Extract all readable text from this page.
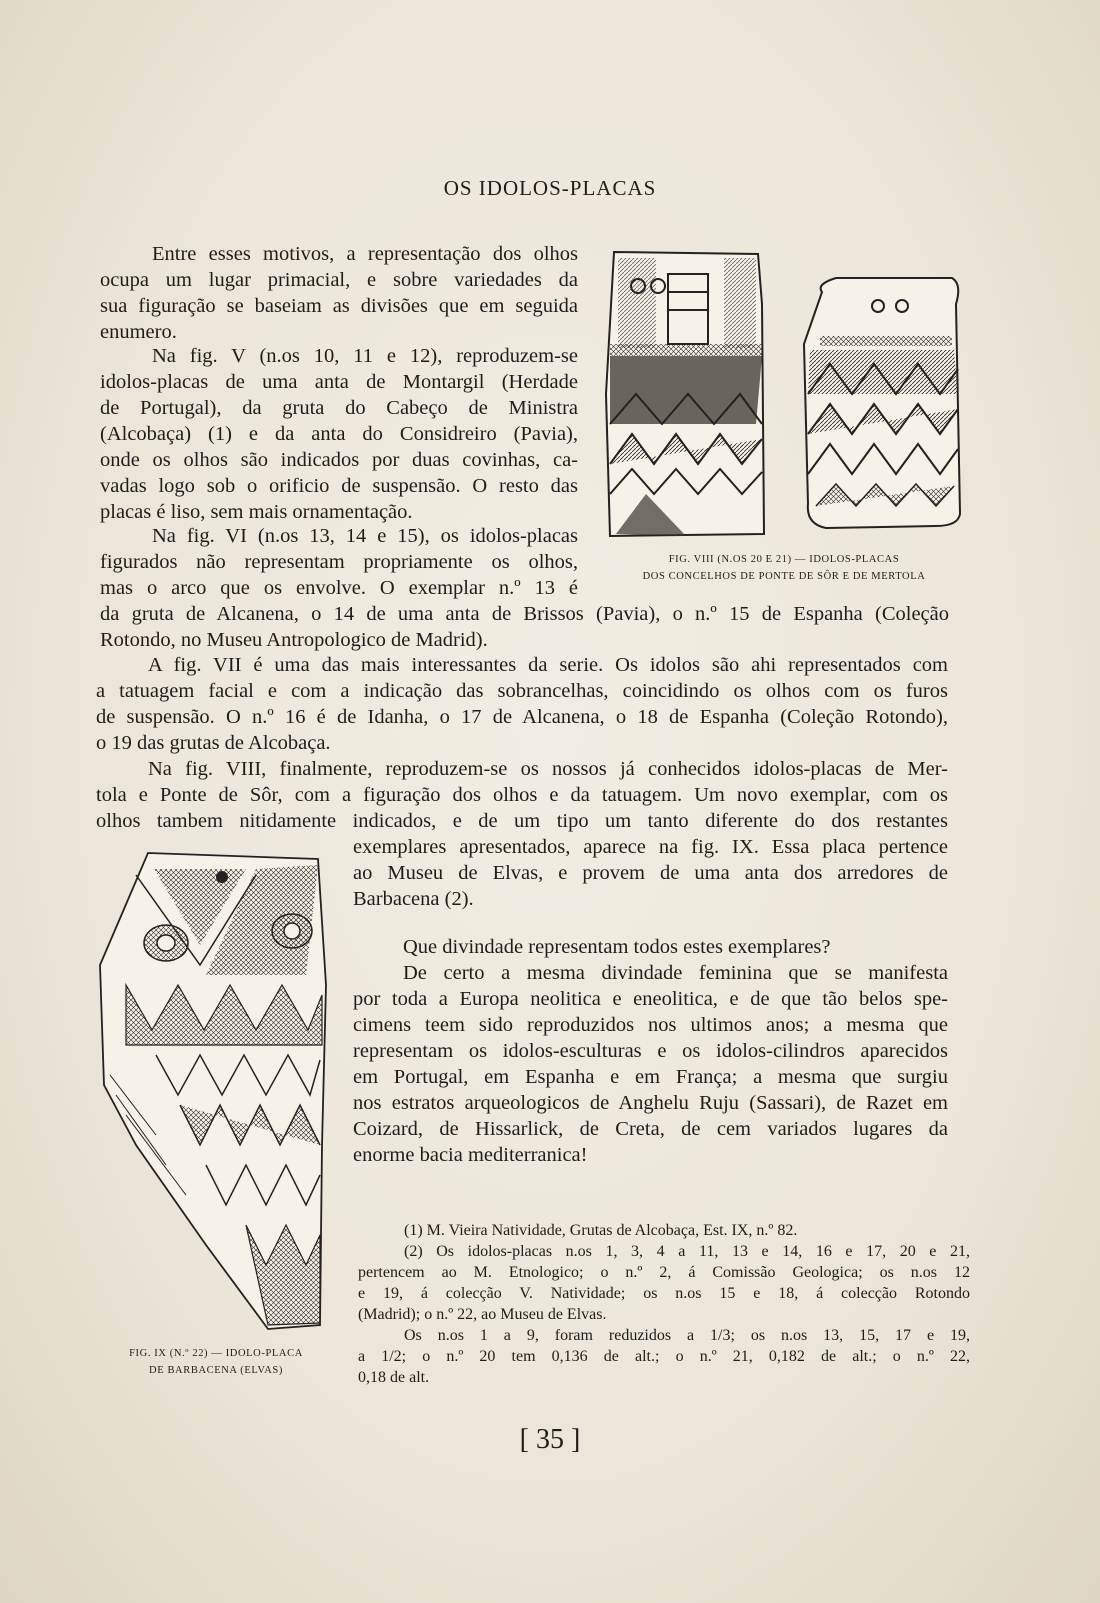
OS IDOLOS-PLACAS
Entre esses motivos, a representação dos olhos
ocupa um lugar primacial, e sobre variedades da
sua figuração se baseiam as divisões que em seguida
enumero.
Na fig. V (n.os 10, 11 e 12), reproduzem-se
idolos-placas de uma anta de Montargil (Herdade
de Portugal), da gruta do Cabeço de Ministra
(Alcobaça) (1) e da anta do Considreiro (Pavia),
onde os olhos são indicados por duas covinhas, ca-
vadas logo sob o orificio de suspensão. O resto das
placas é liso, sem mais ornamentação.
Na fig. VI (n.os 13, 14 e 15), os idolos-placas
figurados não representam propriamente os olhos,
mas o arco que os envolve. O exemplar n.º 13 é
da gruta de Alcanena, o 14 de uma anta de Brissos (Pavia), o n.º 15 de Espanha (Coleção
Rotondo, no Museu Antropologico de Madrid).
A fig. VII é uma das mais interessantes da serie. Os idolos são ahi representados com
a tatuagem facial e com a indicação das sobrancelhas, coincidindo os olhos com os furos
de suspensão. O n.º 16 é de Idanha, o 17 de Alcanena, o 18 de Espanha (Coleção Rotondo),
o 19 das grutas de Alcobaça.
Na fig. VIII, finalmente, reproduzem-se os nossos já conhecidos idolos-placas de Mer-
tola e Ponte de Sôr, com a figuração dos olhos e da tatuagem. Um novo exemplar, com os
olhos tambem nitidamente indicados, e de um tipo um tanto diferente do dos restantes
exemplares apresentados, aparece na fig. IX. Essa placa pertence
ao Museu de Elvas, e provem de uma anta dos arredores de
Barbacena (2).
Que divindade representam todos estes exemplares?
De certo a mesma divindade feminina que se manifesta
por toda a Europa neolitica e eneolitica, e de que tão belos spe-
cimens teem sido reproduzidos nos ultimos anos; a mesma que
representam os idolos-esculturas e os idolos-cilindros aparecidos
em Portugal, em Espanha e em França; a mesma que surgiu
nos estratos arqueologicos de Anghelu Ruju (Sassari), de Razet em
Coizard, de Hissarlick, de Creta, de cem variados lugares da
enorme bacia mediterranica!
FIG. VIII (N.OS 20 E 21) — IDOLOS-PLACAS
DOS CONCELHOS DE PONTE DE SÔR E DE MERTOLA
FIG. IX (N.º 22) — IDOLO-PLACA
DE BARBACENA (ELVAS)
(1) M. Vieira Natividade, Grutas de Alcobaça, Est. IX, n.º 82.
(2) Os idolos-placas n.os 1, 3, 4 a 11, 13 e 14, 16 e 17, 20 e 21,
pertencem ao M. Etnologico; o n.º 2, á Comissão Geologica; os n.os 12
e 19, á colecção V. Natividade; os n.os 15 e 18, á colecção Rotondo
(Madrid); o n.º 22, ao Museu de Elvas.
Os n.os 1 a 9, foram reduzidos a 1/3; os n.os 13, 15, 17 e 19,
a 1/2; o n.º 20 tem 0,136 de alt.; o n.º 21, 0,182 de alt.; o n.º 22,
0,18 de alt.
[ 35 ]
